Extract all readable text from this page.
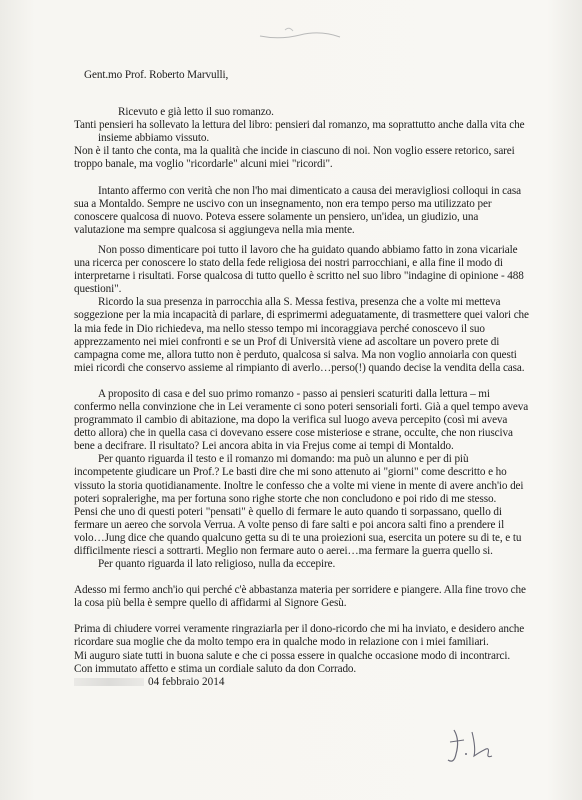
Gent.mo Prof. Roberto Marvulli,
Ricevuto e già letto il suo romanzo.
Tanti pensieri ha sollevato la lettura del libro: pensieri dal romanzo, ma soprattutto anche dalla vita che
insieme abbiamo vissuto.
Non è il tanto che conta, ma la qualità che incide in ciascuno di noi. Non voglio essere retorico, sarei
troppo banale, ma voglio "ricordarle" alcuni miei "ricordi".
Intanto affermo con verità che non l'ho mai dimenticato a causa dei meravigliosi colloqui in casa
sua a Montaldo. Sempre ne uscivo con un insegnamento, non era tempo perso ma utilizzato per
conoscere qualcosa di nuovo. Poteva essere solamente un pensiero, un'idea, un giudizio, una
valutazione ma sempre qualcosa si aggiungeva nella mia mente.
Non posso dimenticare poi tutto il lavoro che ha guidato quando abbiamo fatto in zona vicariale
una ricerca per conoscere lo stato della fede religiosa dei nostri parrocchiani, e alla fine il modo di
interpretarne i risultati. Forse qualcosa di tutto quello è scritto nel suo libro "indagine di opinione - 488
questioni".
Ricordo la sua presenza in parrocchia alla S. Messa festiva, presenza che a volte mi metteva
soggezione per la mia incapacità di parlare, di esprimermi adeguatamente, di trasmettere quei valori che
la mia fede in Dio richiedeva, ma nello stesso tempo mi incoraggiava perché conoscevo il suo
apprezzamento nei miei confronti e se un Prof di Università viene ad ascoltare un povero prete di
campagna come me, allora tutto non è perduto, qualcosa si salva. Ma non voglio annoiarla con questi
miei ricordi che conservo assieme al rimpianto di averlo…perso(!) quando decise la vendita della casa.
A proposito di casa e del suo primo romanzo - passo ai pensieri scaturiti dalla lettura – mi
confermo nella convinzione che in Lei veramente ci sono poteri sensoriali forti. Già a quel tempo aveva
programmato il cambio di abitazione, ma dopo la verifica sul luogo aveva percepito (così mi aveva
detto allora) che in quella casa ci dovevano essere cose misteriose e strane, occulte, che non riusciva
bene a decifrare. Il risultato? Lei ancora abita in via Frejus come ai tempi di Montaldo.
Per quanto riguarda il testo e il romanzo mi domando: ma può un alunno e per di più
incompetente giudicare un Prof.? Le basti dire che mi sono attenuto ai "giorni" come descritto e ho
vissuto la storia quotidianamente. Inoltre le confesso che a volte mi viene in mente di avere anch'io dei
poteri sopralerighe, ma per fortuna sono righe storte che non concludono e poi rido di me stesso.
Pensi che uno di questi poteri "pensati" è quello di fermare le auto quando ti sorpassano, quello di
fermare un aereo che sorvola Verrua. A volte penso di fare salti e poi ancora salti fino a prendere il
volo…Jung dice che quando qualcuno getta su di te una proiezioni sua, esercita un potere su di te, e tu
difficilmente riesci a sottrarti. Meglio non fermare auto o aerei…ma fermare la guerra quello si.
Per quanto riguarda il lato religioso, nulla da eccepire.
Adesso mi fermo anch'io qui perché c'è abbastanza materia per sorridere e piangere. Alla fine trovo che
la cosa più bella è sempre quello di affidarmi al Signore Gesù.
Prima di chiudere vorrei veramente ringraziarla per il dono-ricordo che mi ha inviato, e desidero anche
ricordare sua moglie che da molto tempo era in qualche modo in relazione con i miei familiari.
Mi auguro siate tutti in buona salute e che ci possa essere in qualche occasione modo di incontrarci.
Con immutato affetto e stima un cordiale saluto da don Corrado.
04 febbraio 2014
